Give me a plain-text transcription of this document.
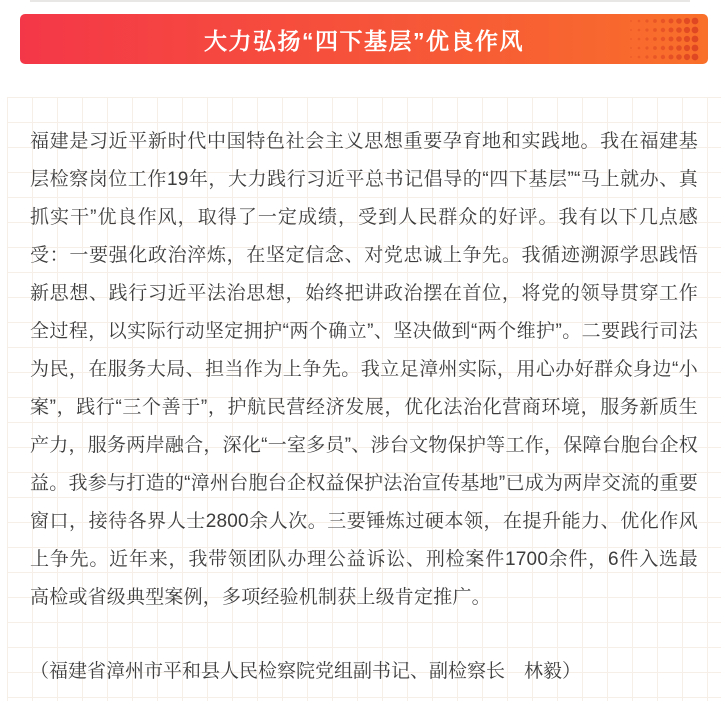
大力弘扬“四下基层”优良作风

福建是习近平新时代中国特色社会主义思想重要孕育地和实践地。我在福建基层检察岗位工作19年，大力践行习近平总书记倡导的“四下基层”“马上就办、真抓实干”优良作风，取得了一定成绩，受到人民群众的好评。我有以下几点感受：一要强化政治淬炼，在坚定信念、对党忠诚上争先。我循迹溯源学思践悟新思想、践行习近平法治思想，始终把讲政治摆在首位，将党的领导贯穿工作全过程，以实际行动坚定拥护“两个确立”、坚决做到“两个维护”。二要践行司法为民，在服务大局、担当作为上争先。我立足漳州实际，用心办好群众身边“小案”，践行“三个善于”，护航民营经济发展，优化法治化营商环境，服务新质生产力，服务两岸融合，深化“一室多员”、涉台文物保护等工作，保障台胞台企权益。我参与打造的“漳州台胞台企权益保护法治宣传基地”已成为两岸交流的重要窗口，接待各界人士2800余人次。三要锤炼过硬本领，在提升能力、优化作风上争先。近年来，我带领团队办理公益诉讼、刑检案件1700余件，6件入选最高检或省级典型案例，多项经验机制获上级肯定推广。

（福建省漳州市平和县人民检察院党组副书记、副检察长　林毅）
